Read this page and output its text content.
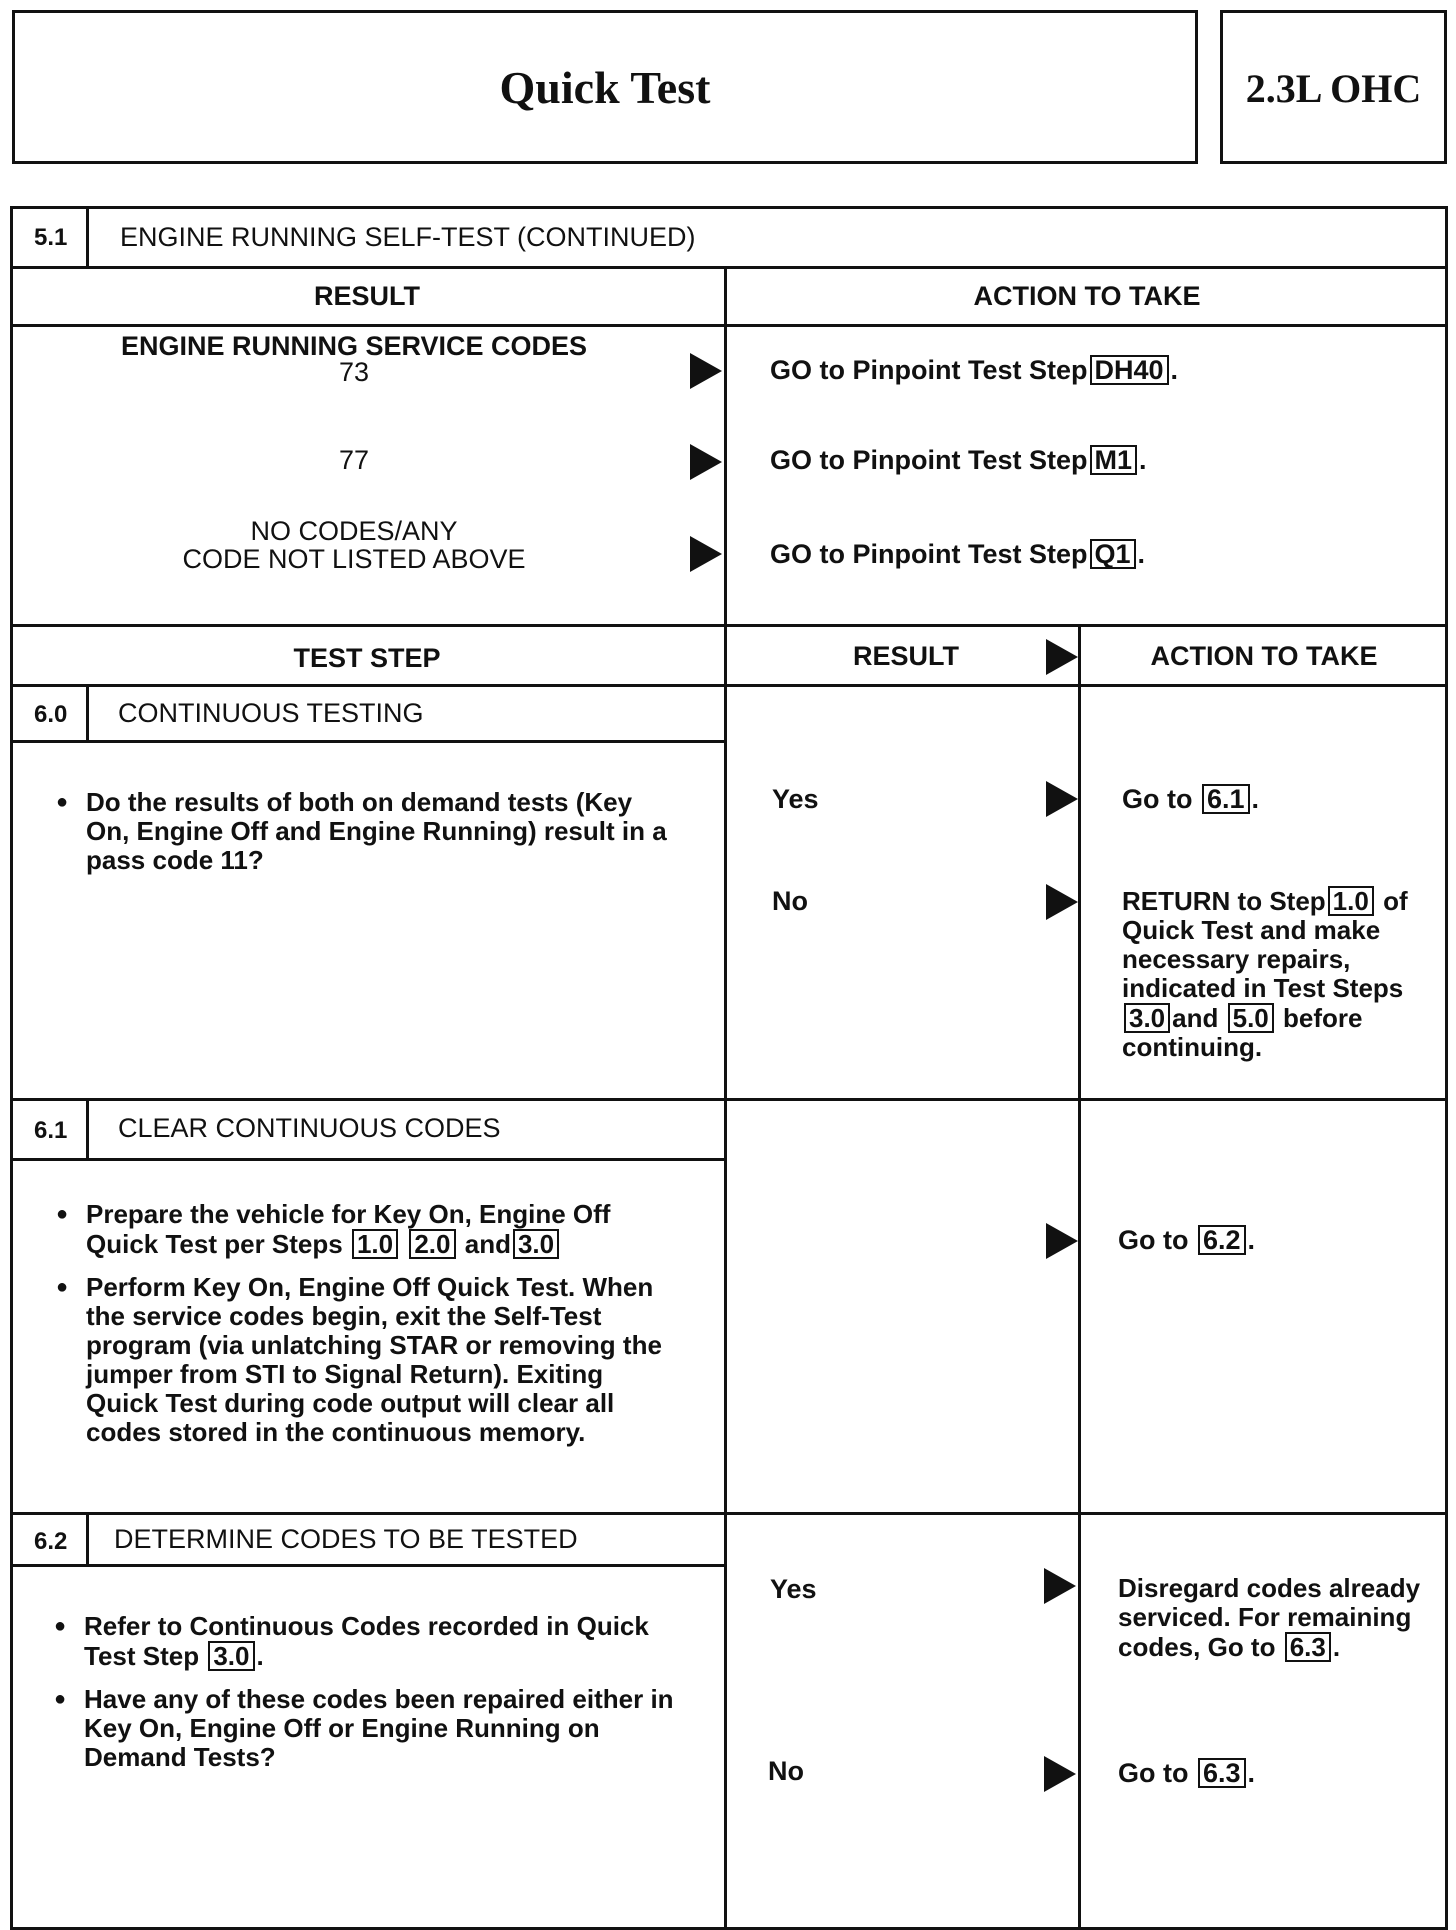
Quick Test	2.3L OHC
5.1 ENGINE RUNNING SELF-TEST (CONTINUED)
RESULT	ACTION TO TAKE
ENGINE RUNNING SERVICE CODES
73	GO to Pinpoint Test Step DH40 .
77	GO to Pinpoint Test Step M1 .
NO CODES/ANY
CODE NOT LISTED ABOVE	GO to Pinpoint Test Step Q1 .
TEST STEP	RESULT	ACTION TO TAKE
6.0 CONTINUOUS TESTING
● Do the results of both on demand tests (Key On, Engine Off and Engine Running) result in a pass code 11?
Yes	Go to 6.1 .
No	RETURN to Step 1.0 of Quick Test and make necessary repairs, indicated in Test Steps3.0 and 5.0 before continuing.
6.1 CLEAR CONTINUOUS CODES
● Prepare the vehicle for Key On, Engine Off Quick Test per Steps 1.0 2.0 and 3.0
● Perform Key On, Engine Off Quick Test. When the service codes begin, exit the Self-Test program (via unlatching STAR or removing the jumper from STI to Signal Return). Exiting Quick Test during code output will clear all codes stored in the continuous memory.
Go to 6.2 .
6.2 DETERMINE CODES TO BE TESTED
● Refer to Continuous Codes recorded in Quick Test Step 3.0 .
● Have any of these codes been repaired either in Key On, Engine Off or Engine Running on Demand Tests?
Yes	Disregard codes already serviced. For remaining codes, Go to 6.3 .
No	Go to 6.3 .
